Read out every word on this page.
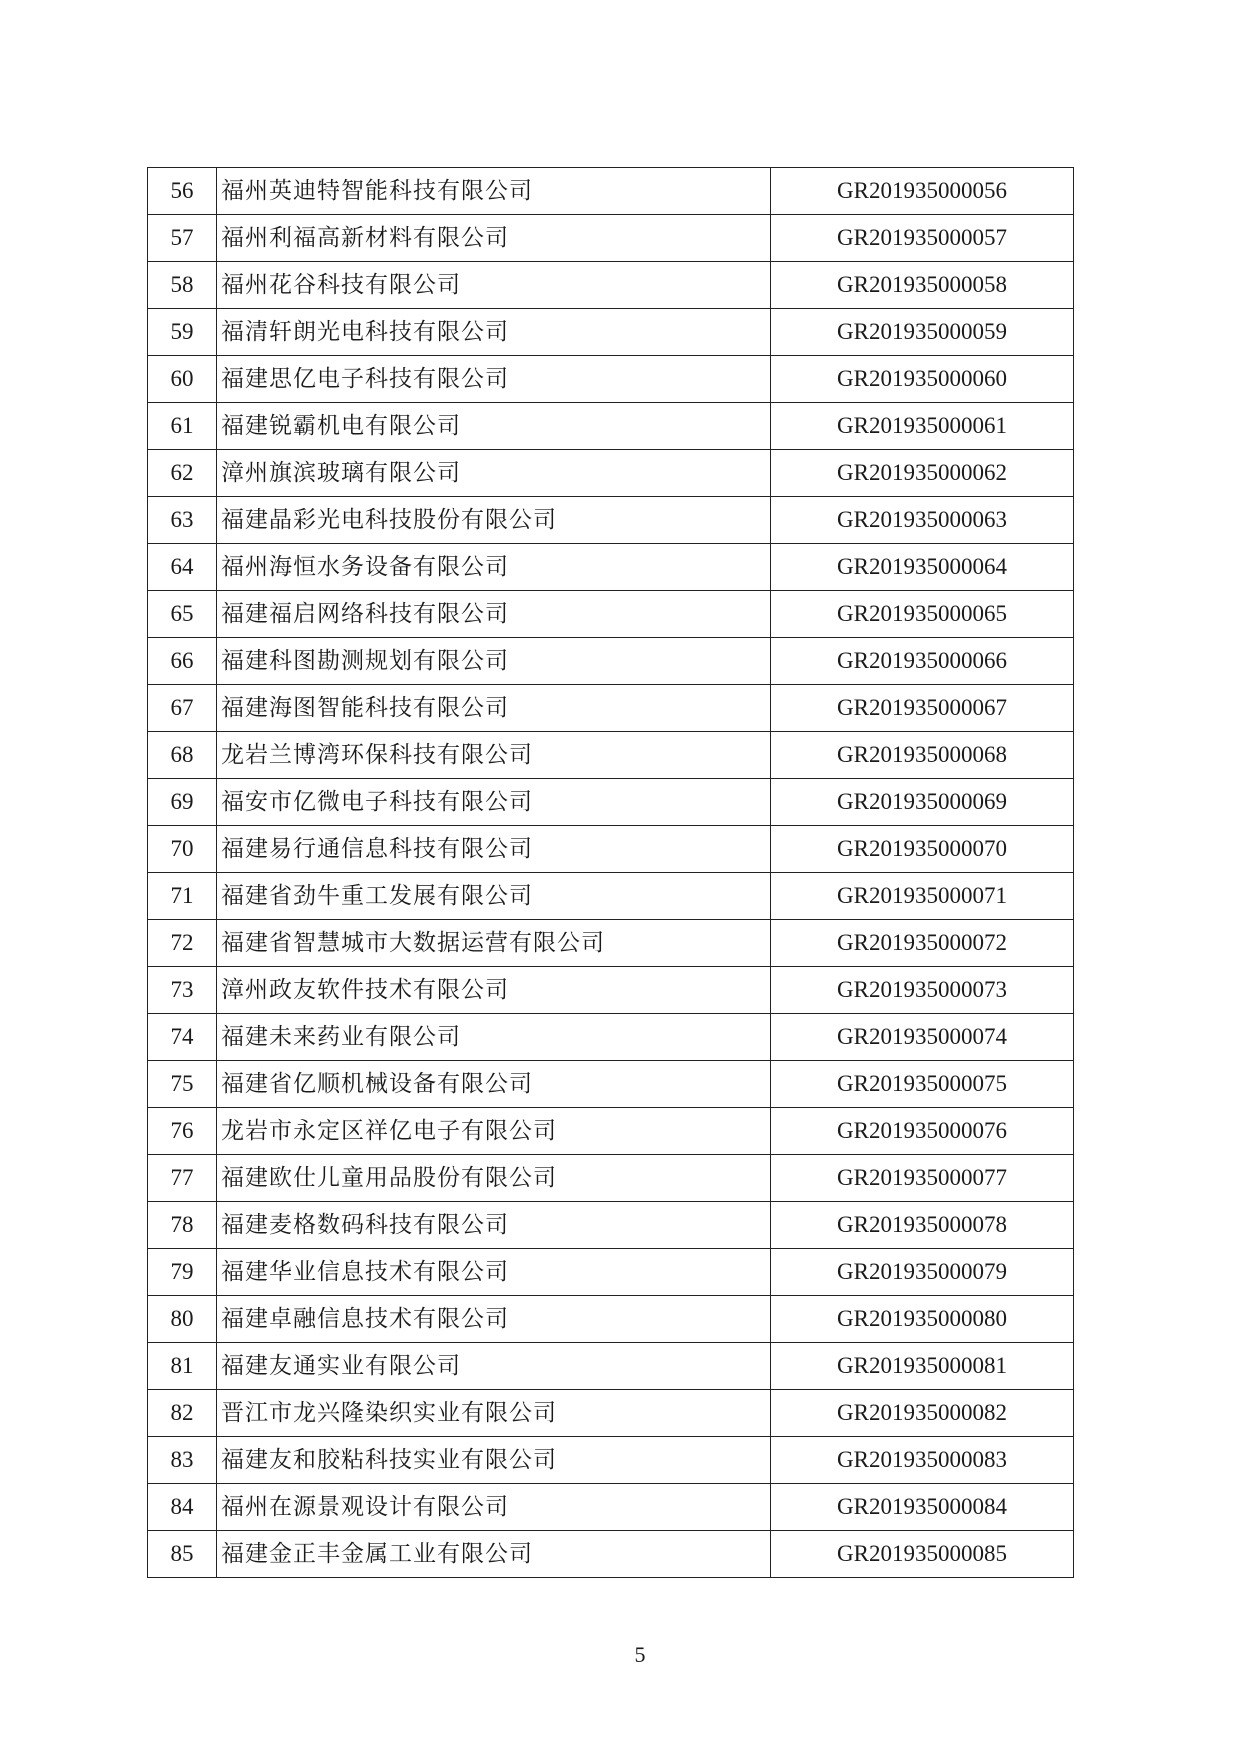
56	福州英迪特智能科技有限公司	GR201935000056
57	福州利福高新材料有限公司	GR201935000057
58	福州花谷科技有限公司	GR201935000058
59	福清轩朗光电科技有限公司	GR201935000059
60	福建思亿电子科技有限公司	GR201935000060
61	福建锐霸机电有限公司	GR201935000061
62	漳州旗滨玻璃有限公司	GR201935000062
63	福建晶彩光电科技股份有限公司	GR201935000063
64	福州海恒水务设备有限公司	GR201935000064
65	福建福启网络科技有限公司	GR201935000065
66	福建科图勘测规划有限公司	GR201935000066
67	福建海图智能科技有限公司	GR201935000067
68	龙岩兰博湾环保科技有限公司	GR201935000068
69	福安市亿微电子科技有限公司	GR201935000069
70	福建易行通信息科技有限公司	GR201935000070
71	福建省劲牛重工发展有限公司	GR201935000071
72	福建省智慧城市大数据运营有限公司	GR201935000072
73	漳州政友软件技术有限公司	GR201935000073
74	福建未来药业有限公司	GR201935000074
75	福建省亿顺机械设备有限公司	GR201935000075
76	龙岩市永定区祥亿电子有限公司	GR201935000076
77	福建欧仕儿童用品股份有限公司	GR201935000077
78	福建麦格数码科技有限公司	GR201935000078
79	福建华业信息技术有限公司	GR201935000079
80	福建卓融信息技术有限公司	GR201935000080
81	福建友通实业有限公司	GR201935000081
82	晋江市龙兴隆染织实业有限公司	GR201935000082
83	福建友和胶粘科技实业有限公司	GR201935000083
84	福州在源景观设计有限公司	GR201935000084
85	福建金正丰金属工业有限公司	GR201935000085
5
